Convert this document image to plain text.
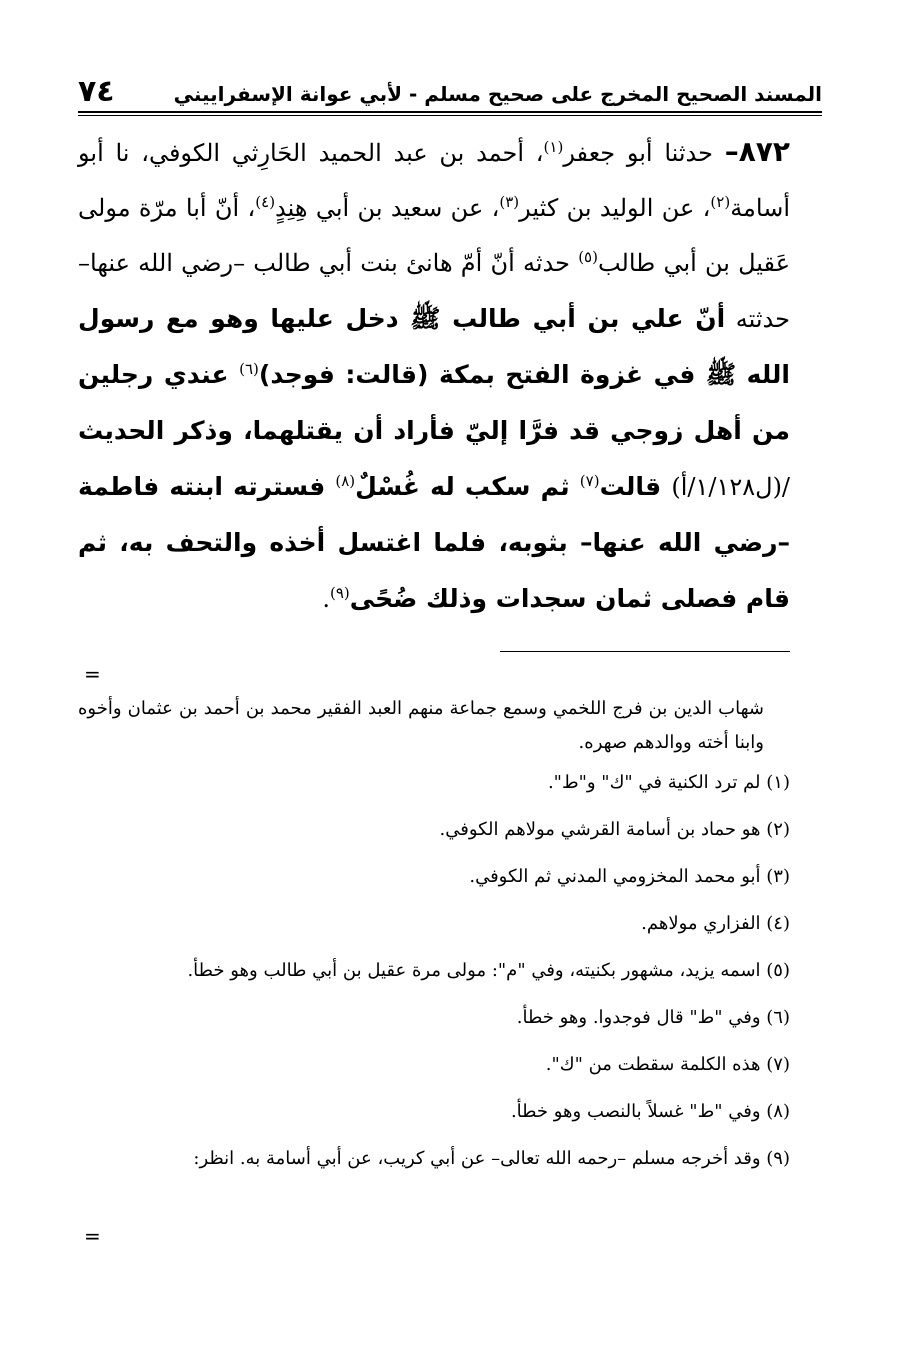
٧٤	المسند الصحيح المخرج على صحيح مسلم - لأبي عوانة الإسفراييني
٨٧٢– حدثنا أبو جعفر$^{(١)}$، أحمد بن عبد الحميد الحَارِثي الكوفي، نا أبو أسامة$^{(٢)}$، عن الوليد بن كثير$^{(٣)}$، عن سعيد بن أبي هِنِدٍ$^{(٤)}$، أنّ أبا مرّة مولى عَقيل بن أبي طالب$^{(٥)}$ حدثه أنّ أمّ هانئ بنت أبي طالب –رضي الله عنها– حدثته أنّ علي بن أبي طالب ﷺ دخل عليها وهو مع رسول الله ﷺ في غزوة الفتح بمكة (قالت: فوجد)$^{(٦)}$ عندي رجلين من أهل زوجي قد فرَّا إليّ فأراد أن يقتلهما، وذكر الحديث /(ل١/١٢٨/أ) قالت$^{(٧)}$ ثم سكب له غُسْلٌ$^{(٨)}$ فسترته ابنته فاطمة –رضي الله عنها– بثوبه، فلما اغتسل أخذه والتحف به، ثم قام فصلى ثمان سجدات وذلك ضُحًى$^{(٩)}$.
=
شهاب الدين بن فرج اللخمي وسمع جماعة منهم العبد الفقير محمد بن أحمد بن عثمان وأخوه وابنا أخته ووالدهم صهره.
(١) لم ترد الكنية في "ك" و"ط".
(٢) هو حماد بن أسامة القرشي مولاهم الكوفي.
(٣) أبو محمد المخزومي المدني ثم الكوفي.
(٤) الفزاري مولاهم.
(٥) اسمه يزيد، مشهور بكنيته، وفي "م": مولى مرة عقيل بن أبي طالب وهو خطأ.
(٦) وفي "ط" قال فوجدوا. وهو خطأ.
(٧) هذه الكلمة سقطت من "ك".
(٨) وفي "ط" غسلاً بالنصب وهو خطأ.
(٩) وقد أخرجه مسلم –رحمه الله تعالى– عن أبي كريب، عن أبي أسامة به. انظر:
=
